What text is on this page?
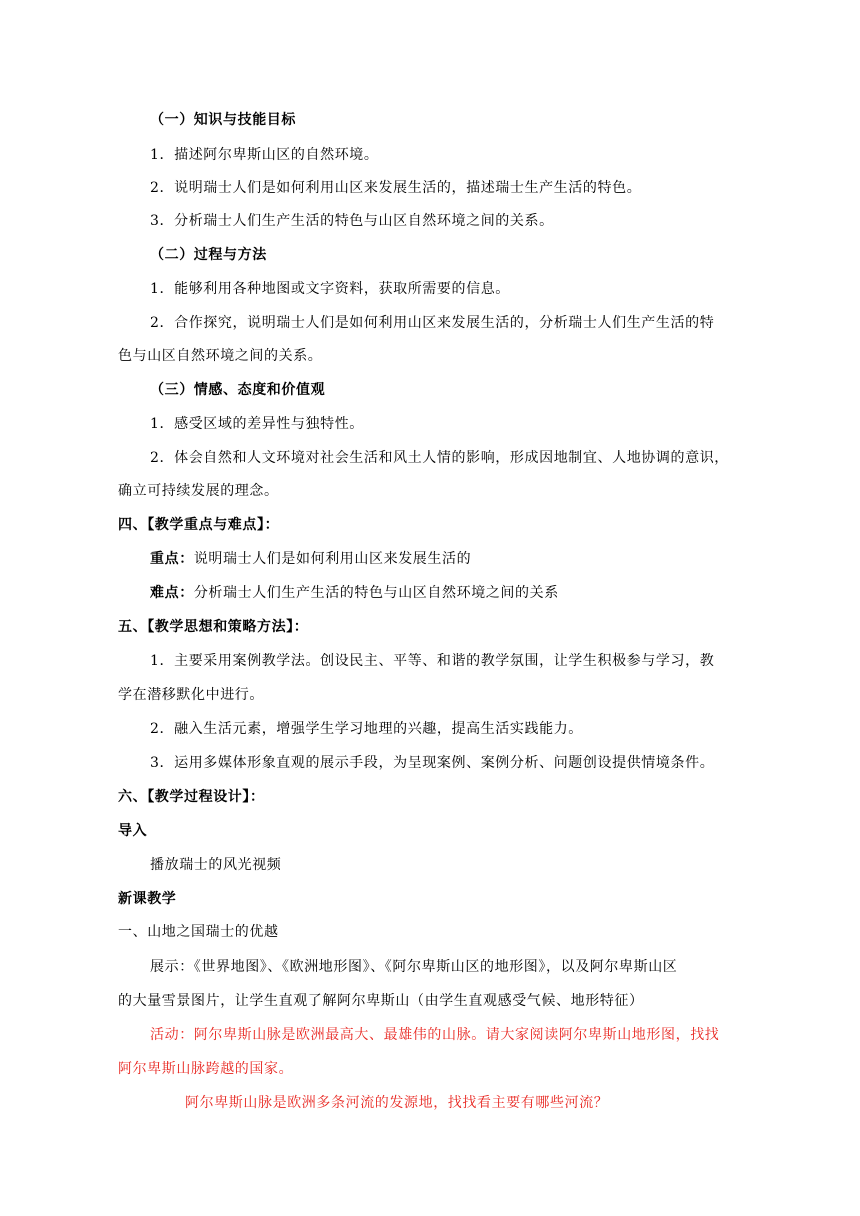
（一）知识与技能目标
1．描述阿尔卑斯山区的自然环境。
2．说明瑞士人们是如何利用山区来发展生活的，描述瑞士生产生活的特色。
3．分析瑞士人们生产生活的特色与山区自然环境之间的关系。
（二）过程与方法
1．能够利用各种地图或文字资料，获取所需要的信息。
2．合作探究，说明瑞士人们是如何利用山区来发展生活的，分析瑞士人们生产生活的特
色与山区自然环境之间的关系。
（三）情感、态度和价值观
1．感受区域的差异性与独特性。
2．体会自然和人文环境对社会生活和风土人情的影响，形成因地制宜、人地协调的意识，
确立可持续发展的理念。
四、【教学重点与难点】：
重点：说明瑞士人们是如何利用山区来发展生活的
难点：分析瑞士人们生产生活的特色与山区自然环境之间的关系
五、【教学思想和策略方法】：
1．主要采用案例教学法。创设民主、平等、和谐的教学氛围，让学生积极参与学习，教
学在潜移默化中进行。
2．融入生活元素，增强学生学习地理的兴趣，提高生活实践能力。
3．运用多媒体形象直观的展示手段，为呈现案例、案例分析、问题创设提供情境条件。
六、【教学过程设计】：
导入
播放瑞士的风光视频
新课教学
一、山地之国瑞士的优越
展示：《世界地图》、《欧洲地形图》、《阿尔卑斯山区的地形图》，以及阿尔卑斯山区
的大量雪景图片，让学生直观了解阿尔卑斯山（由学生直观感受气候、地形特征）
活动：阿尔卑斯山脉是欧洲最高大、最雄伟的山脉。请大家阅读阿尔卑斯山地形图，找找
阿尔卑斯山脉跨越的国家。
阿尔卑斯山脉是欧洲多条河流的发源地，找找看主要有哪些河流？
